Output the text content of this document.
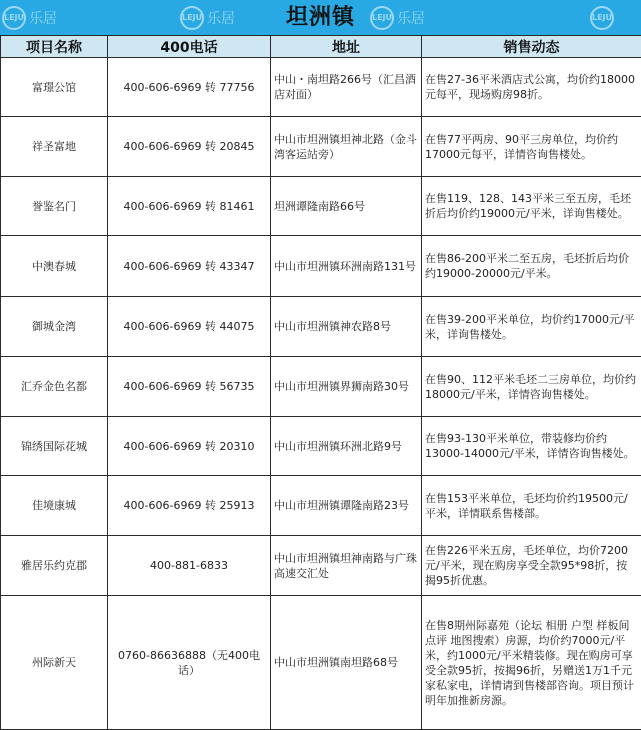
LEJU 乐居	LEJU 乐居	LEJU 乐居	LEJU
坦洲镇
项目名称	400电话	地址	销售动态
富璟公馆	400-606-6969 转 77756	中山・南坦路266号（汇昌酒店对面）	在售27-36平米酒店式公寓，均价约18000元每平，现场购房98折。
祥圣富地	400-606-6969 转 20845	中山市坦洲镇坦神北路（金斗湾客运站旁）	在售77平两房、90平三房单位，均价约17000元每平，详情咨询售楼处。
誉鉴名门	400-606-6969 转 81461	坦洲谭隆南路66号	在售119、128、143平米三至五房，毛坯折后均价约19000元/平米，详询售楼处。
中澳春城	400-606-6969 转 43347	中山市坦洲镇环洲南路131号	在售86-200平米二至五房，毛坯折后均价约19000-20000元/平米。
御城金湾	400-606-6969 转 44075	中山市坦洲镇神农路8号	在售39-200平米单位，均价约17000元/平米，详询售楼处。
汇乔金色名都	400-606-6969 转 56735	中山市坦洲镇界狮南路30号	在售90、112平米毛坯二三房单位，均价约18000元/平米，详情咨询售楼处。
锦绣国际花城	400-606-6969 转 20310	中山市坦洲镇环洲北路9号	在售93-130平米单位，带装修均价约13000-14000元/平米，详情咨询售楼处。
佳境康城	400-606-6969 转 25913	中山市坦洲镇谭隆南路23号	在售153平米单位，毛坯均价约19500元/平米，详情联系售楼部。
雅居乐约克郡	400-881-6833	中山市坦洲镇坦神南路与广珠高速交汇处	在售226平米五房，毛坯单位，均价7200元/平米，现在购房享受全款95*98折，按揭95折优惠。
州际新天	0760-86636888（无400电话）	中山市坦洲镇南坦路68号	在售8期州际嘉苑（论坛 相册 户型 样板间 点评 地图搜索）房源，均价约7000元/平米，约1000元/平米精装修。现在购房可享受全款95折，按揭96折，另赠送1万1千元家私家电，详情请到售楼部咨询。项目预计明年加推新房源。
